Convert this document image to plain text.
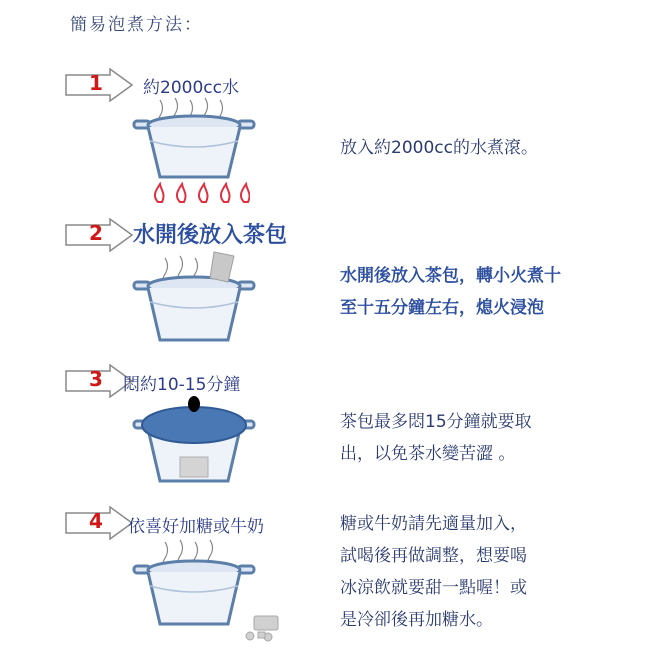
簡易泡煮方法：
1 約2000cc水
放入約2000cc的水煮滾。
2 水開後放入茶包
水開後放入茶包，轉小火煮十
至十五分鐘左右，熄火浸泡
3 悶約10-15分鐘
茶包最多悶15分鐘就要取
出，以免茶水變苦澀 。
4 依喜好加糖或牛奶	糖或牛奶請先適量加入，
試喝後再做調整，想要喝
冰涼飲就要甜一點喔！或
是冷卻後再加糖水。
